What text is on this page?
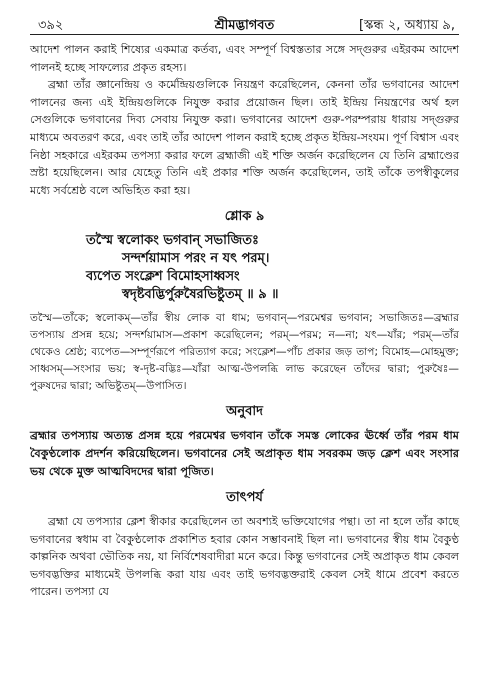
৩৯২	শ্রীমদ্ভাগবত	[স্কন্ধ ২, অধ্যায় ৯,

আদেশ পালন করাই শিষ্যের একমাত্র কর্তব্য, এবং সম্পূর্ণ বিশ্বস্ততার সঙ্গে সদ্‌গুরুর এইরকম আদেশ পালনই হচ্ছে সাফল্যের প্রকৃত রহস্য।

ব্রহ্মা তাঁর জ্ঞানেন্দ্রিয় ও কর্মেন্দ্রিয়গুলিকে নিয়ন্ত্রণ করেছিলেন, কেননা তাঁর ভগবানের আদেশ পালনের জন্য এই ইন্দ্রিয়গুলিকে নিযুক্ত করার প্রয়োজন ছিল। তাই ইন্দ্রিয় নিয়ন্ত্রণের অর্থ হল সেগুলিকে ভগবানের দিব্য সেবায় নিযুক্ত করা। ভগবানের আদেশ গুরু-পরম্পরায় ধারায় সদ্‌গুরুর মাধ্যমে অবতরণ করে, এবং তাই তাঁর আদেশ পালন করাই হচ্ছে প্রকৃত ইন্দ্রিয়-সংযম। পূর্ণ বিশ্বাস এবং নিষ্ঠা সহকারে এইরকম তপস্যা করার ফলে ব্রহ্মাজী এই শক্তি অর্জন করেছিলেন যে তিনি ব্রহ্মাণ্ডের স্রষ্টা হয়েছিলেন। আর যেহেতু তিনি এই প্রকার শক্তি অর্জন করেছিলেন, তাই তাঁকে তপস্বীকুলের মধ্যে সর্বশ্রেষ্ঠ বলে অভিহিত করা হয়।

শ্লোক ৯
তস্মৈ স্বলোকং ভগবান্ সভাজিতঃ
সন্দর্শয়ামাস পরং ন যৎ পরম্।
ব্যপেত সংক্লেশ বিমোহসাধ্বসং
স্বদৃষ্টবদ্ভির্পুরুষৈরভিষ্টুতম্ ॥ ৯ ॥

তস্মৈ—তাঁকে; স্বলোকম্—তাঁর স্বীয় লোক বা ধাম; ভগবান্—পরমেশ্বর ভগবান; সভাজিতঃ—ব্রহ্মার তপস্যায় প্রসন্ন হয়ে; সন্দর্শয়ামাস—প্রকাশ করেছিলেন; পরম্—পরম; ন—না; যৎ—যাঁর; পরম্—তাঁর থেকেও শ্রেষ্ঠ; ব্যপেত—সম্পূর্ণরূপে পরিত্যাগ করে; সংক্লেশ—পাঁচ প্রকার জড় তাপ; বিমোহ—মোহমুক্ত; সাধ্বসম্—সংসার ভয়; স্ব-দৃষ্ট-বদ্ভিঃ—যাঁরা আত্ম-উপলব্ধি লাভ করেছেন তাঁদের দ্বারা; পুরুষৈঃ—পুরুষদের দ্বারা; অভিষ্টুতম্—উপাসিত।

অনুবাদ

ব্রহ্মার তপস্যায় অত্যন্ত প্রসন্ন হয়ে পরমেশ্বর ভগবান তাঁকে সমস্ত লোকের ঊর্ধ্বে তাঁর পরম ধাম বৈকুণ্ঠলোক প্রদর্শন করিয়েছিলেন। ভগবানের সেই অপ্রাকৃত ধাম সবরকম জড় ক্লেশ এবং সংসার ভয় থেকে মুক্ত আত্মবিদদের দ্বারা পূজিত।

তাৎপর্য

ব্রহ্মা যে তপস্যার ক্লেশ স্বীকার করেছিলেন তা অবশ্যই ভক্তিযোগের পন্থা। তা না হলে তাঁর কাছে ভগবানের স্বধাম বা বৈকুণ্ঠলোক প্রকাশিত হবার কোন সম্ভাবনাই ছিল না। ভগবানের স্বীয় ধাম বৈকুণ্ঠ কাল্পনিক অথবা ভৌতিক নয়, যা নির্বিশেষবাদীরা মনে করে। কিন্তু ভগবানের সেই অপ্রাকৃত ধাম কেবল ভগবদ্ভক্তির মাধ্যমেই উপলব্ধি করা যায় এবং তাই ভগবদ্ভক্তরাই কেবল সেই ধামে প্রবেশ করতে পারেন। তপস্যা যে
